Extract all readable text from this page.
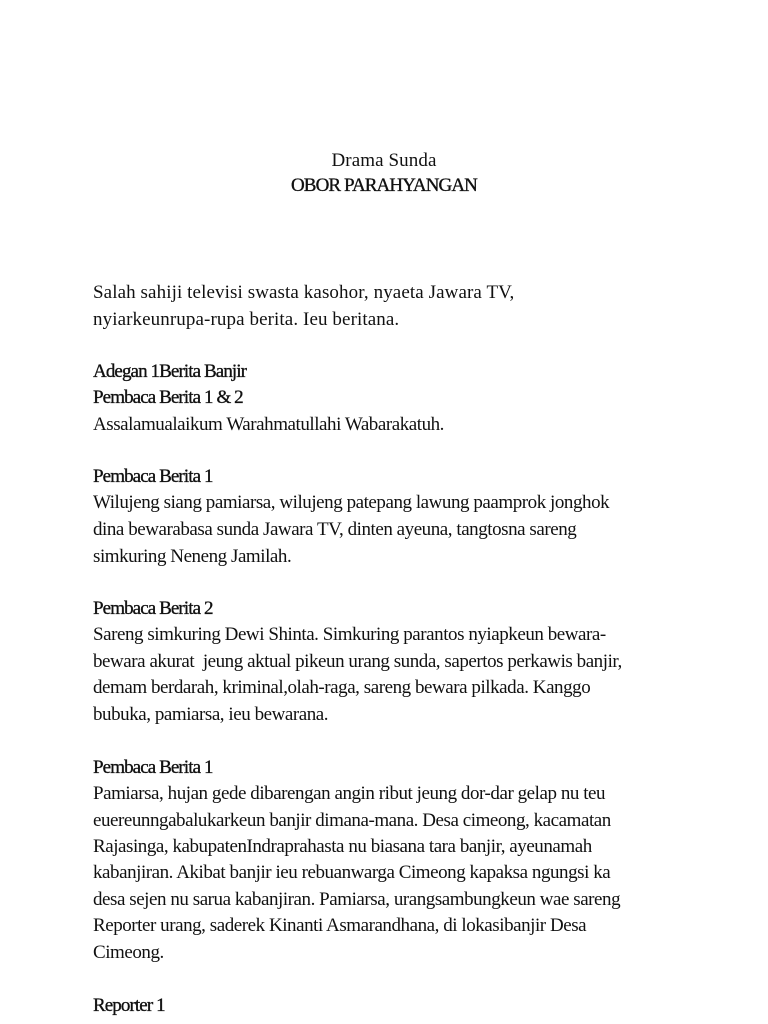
Drama Sunda
OBOR PARAHYANGAN
Salah sahiji televisi swasta kasohor, nyaeta Jawara TV,
nyiarkeunrupa-rupa berita. Ieu beritana.
Adegan 1Berita Banjir
Pembaca Berita 1 & 2
Assalamualaikum Warahmatullahi Wabarakatuh.
Pembaca Berita 1
Wilujeng siang pamiarsa, wilujeng patepang lawung paamprok jonghok
dina bewarabasa sunda Jawara TV, dinten ayeuna, tangtosna sareng
simkuring Neneng Jamilah.
Pembaca Berita 2
Sareng simkuring Dewi Shinta. Simkuring parantos nyiapkeun bewara-
bewara akurat  jeung aktual pikeun urang sunda, sapertos perkawis banjir,
demam berdarah, kriminal,olah-raga, sareng bewara pilkada. Kanggo
bubuka, pamiarsa, ieu bewarana.
Pembaca Berita 1
Pamiarsa, hujan gede dibarengan angin ribut jeung dor-dar gelap nu teu
euereunngabalukarkeun banjir dimana-mana. Desa cimeong, kacamatan
Rajasinga, kabupatenIndraprahasta nu biasana tara banjir, ayeunamah
kabanjiran. Akibat banjir ieu rebuanwarga Cimeong kapaksa ngungsi ka
desa sejen nu sarua kabanjiran. Pamiarsa, urangsambungkeun wae sareng
Reporter urang, saderek Kinanti Asmarandhana, di lokasibanjir Desa
Cimeong.
Reporter 1
